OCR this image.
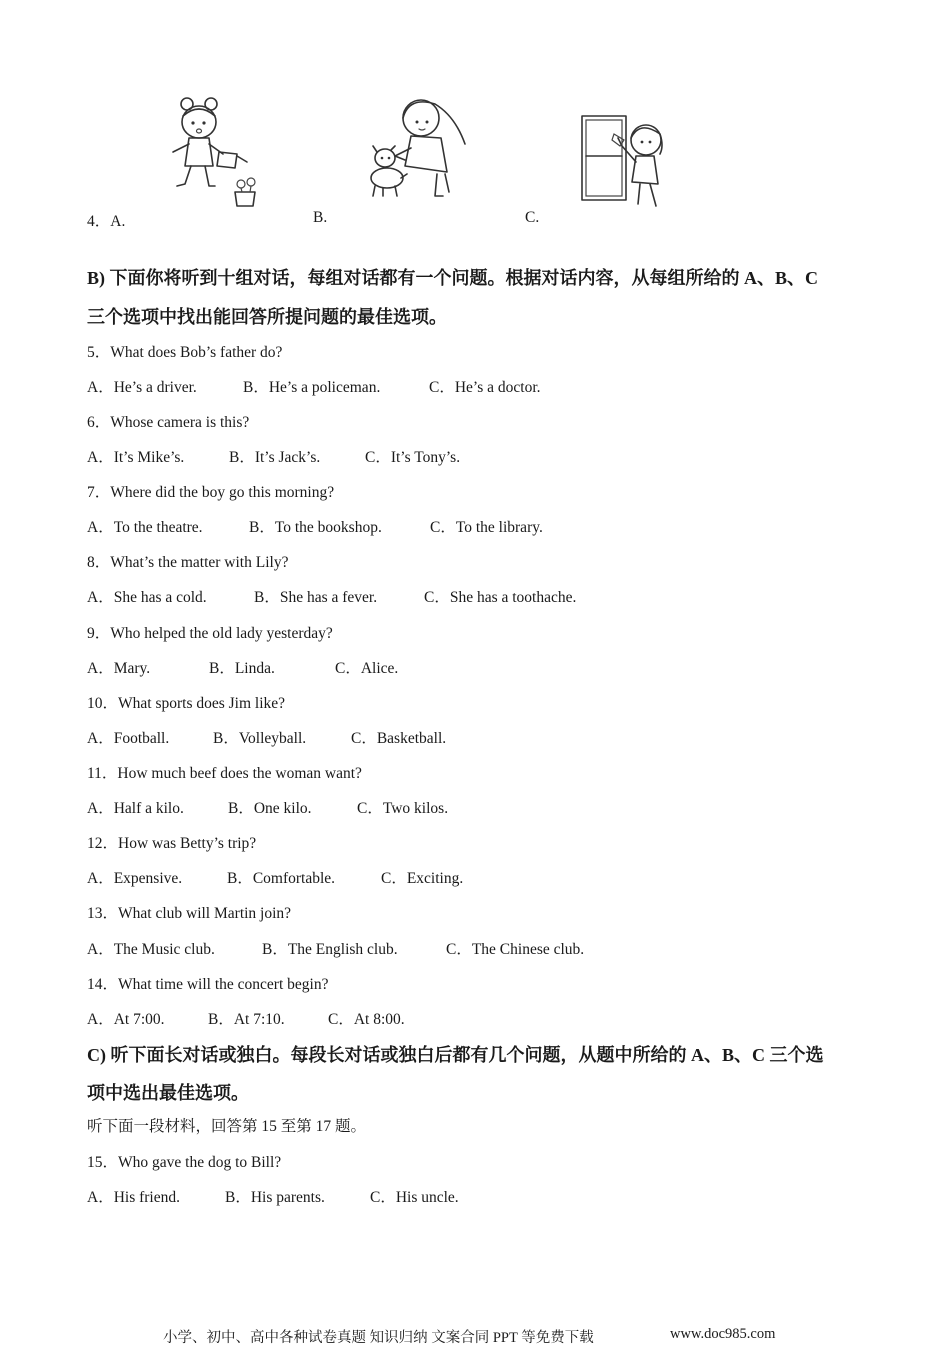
4．A.	B.	C.
B) 下面你将听到十组对话，每组对话都有一个问题。根据对话内容，从每组所给的 A、B、C
三个选项中找出能回答所提问题的最佳选项。
5．What does Bob’s father do?
A．He’s a driver.	B．He’s a policeman.	C．He’s a doctor.
6．Whose camera is this?
A．It’s Mike’s.	B．It’s Jack’s.	C．It’s Tony’s.
7．Where did the boy go this morning?
A．To the theatre.	B．To the bookshop.	C．To the library.
8．What’s the matter with Lily?
A．She has a cold.	B．She has a fever.	C．She has a toothache.
9．Who helped the old lady yesterday?
A．Mary.	B．Linda.	C．Alice.
10．What sports does Jim like?
A．Football.	B．Volleyball.	C．Basketball.
11．How much beef does the woman want?
A．Half a kilo.	B．One kilo.	C．Two kilos.
12．How was Betty’s trip?
A．Expensive.	B．Comfortable.	C．Exciting.
13．What club will Martin join?
A．The Music club.	B．The English club.	C．The Chinese club.
14．What time will the concert begin?
A．At 7:00.	B．At 7:10.	C．At 8:00.
C) 听下面长对话或独白。每段长对话或独白后都有几个问题，从题中所给的 A、B、C 三个选
项中选出最佳选项。
听下面一段材料，回答第 15 至第 17 题。
15．Who gave the dog to Bill?
A．His friend.	B．His parents.	C．His uncle.
小学、初中、高中各种试卷真题 知识归纳 文案合同 PPT 等免费下载	www.doc985.com
